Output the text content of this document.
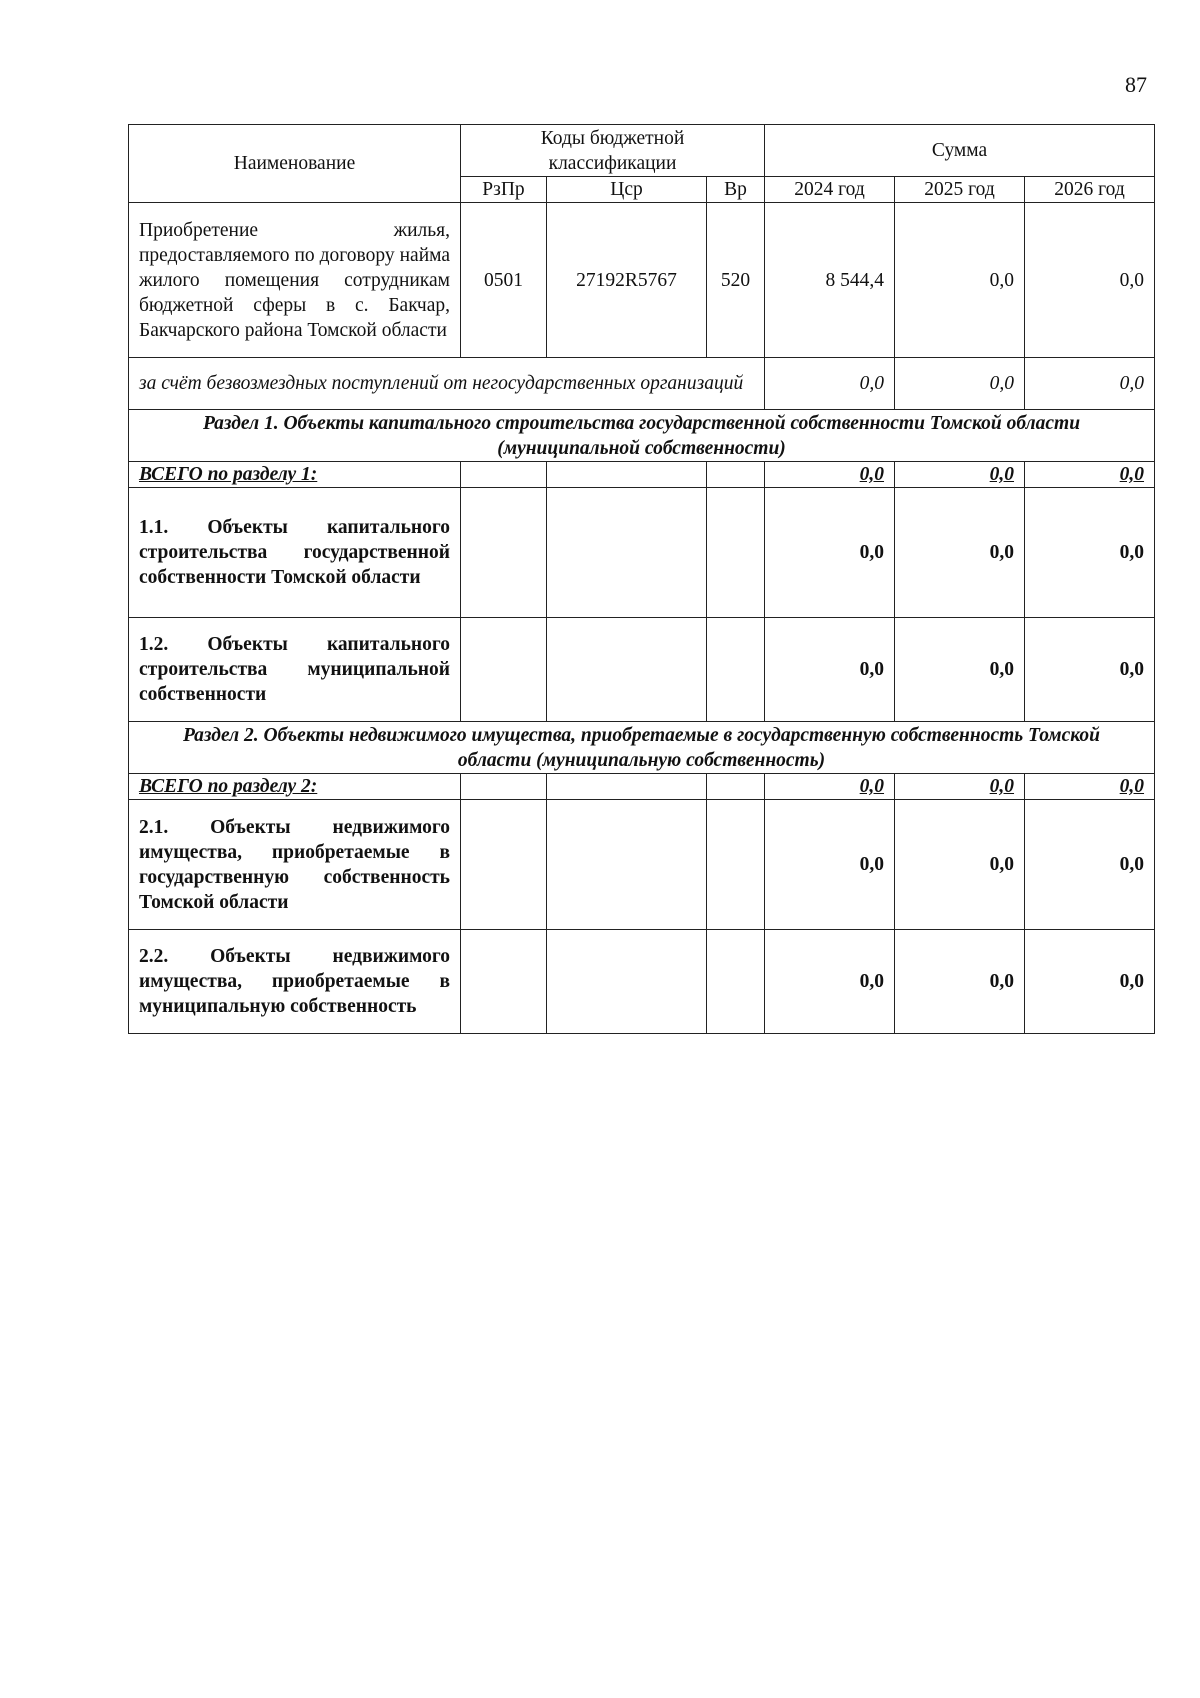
87
Наименование	Коды бюджетной классификации			Сумма		
	РзПр	Цср	Вр	2024 год	2025 год	2026 год
Приобретение жилья, предоставляемого по договору найма жилого помещения сотрудникам бюджетной сферы в с. Бакчар, Бакчарского района Томской области	0501	27192R5767	520	8 544,4	0,0	0,0
за счёт безвозмездных поступлений от негосударственных организаций				0,0	0,0	0,0
Раздел 1. Объекты капитального строительства государственной собственности Томской области (муниципальной собственности)						
ВСЕГО по разделу 1:				0,0	0,0	0,0
1.1. Объекты капитального строительства государственной собственности Томской области				0,0	0,0	0,0
1.2. Объекты капитального строительства муниципальной собственности				0,0	0,0	0,0
Раздел 2. Объекты недвижимого имущества, приобретаемые в государственную собственность Томской области (муниципальную собственность)						
ВСЕГО по разделу 2:				0,0	0,0	0,0
2.1. Объекты недвижимого имущества, приобретаемые в государственную собственность Томской области				0,0	0,0	0,0
2.2. Объекты недвижимого имущества, приобретаемые в муниципальную собственность				0,0	0,0	0,0
